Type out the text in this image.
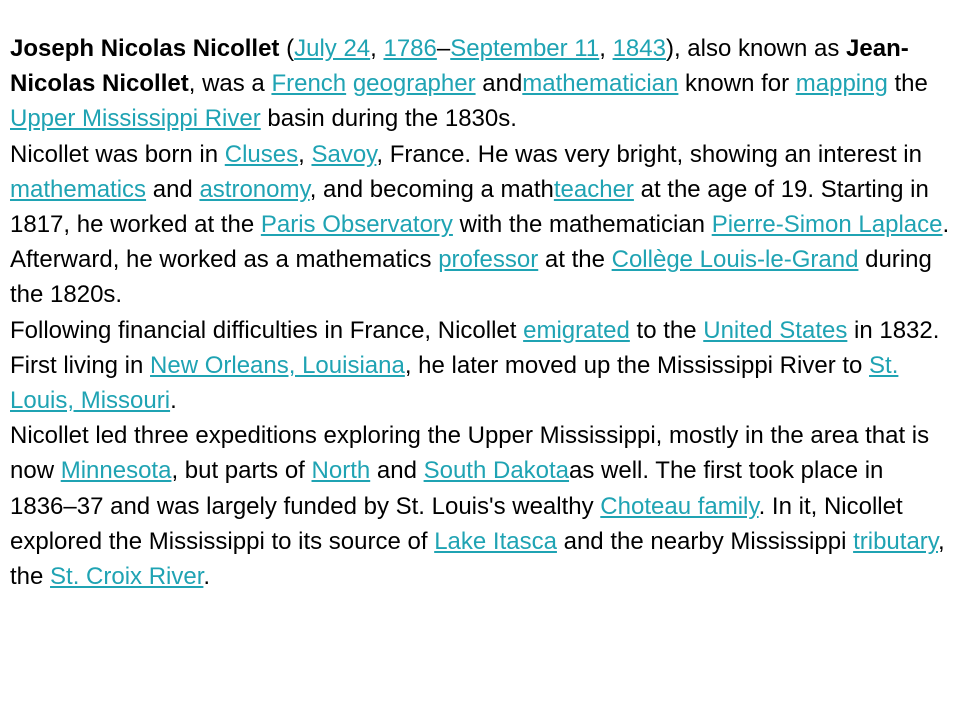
Joseph Nicolas Nicollet (July 24, 1786–September 11, 1843), also known as Jean-Nicolas Nicollet, was a French geographer andmathematician known for mapping the Upper Mississippi River basin during the 1830s.

Nicollet was born in Cluses, Savoy, France. He was very bright, showing an interest in mathematics and astronomy, and becoming a mathteacher at the age of 19. Starting in 1817, he worked at the Paris Observatory with the mathematician Pierre-Simon Laplace. Afterward, he worked as a mathematics professor at the Collège Louis-le-Grand during the 1820s.

Following financial difficulties in France, Nicollet emigrated to the United States in 1832. First living in New Orleans, Louisiana, he later moved up the Mississippi River to St. Louis, Missouri.

Nicollet led three expeditions exploring the Upper Mississippi, mostly in the area that is now Minnesota, but parts of North and South Dakotaas well. The first took place in 1836–37 and was largely funded by St. Louis's wealthy Choteau family. In it, Nicollet explored the Mississippi to its source of Lake Itasca and the nearby Mississippi tributary, the St. Croix River.
